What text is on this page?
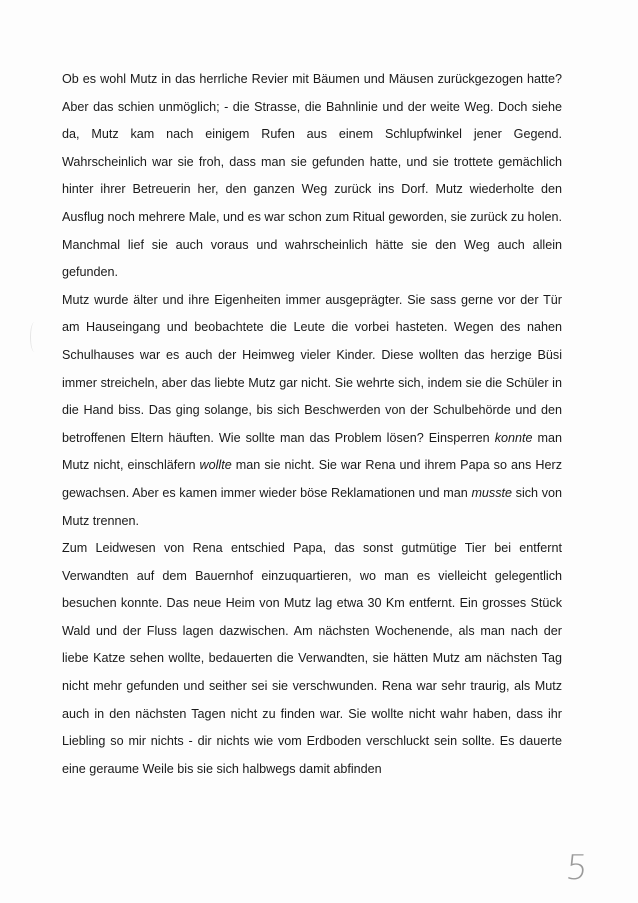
Ob es wohl Mutz in das herrliche Revier mit Bäumen und Mäusen zurückgezogen hatte? Aber das schien unmöglich; - die Strasse, die Bahnlinie und der weite Weg. Doch siehe da, Mutz kam nach einigem Rufen aus einem Schlupfwinkel jener Gegend. Wahrscheinlich war sie froh, dass man sie gefunden hatte, und sie trottete gemächlich hinter ihrer Betreuerin her, den ganzen Weg zurück ins Dorf. Mutz wiederholte den Ausflug noch mehrere Male, und es war schon zum Ritual geworden, sie zurück zu holen. Manchmal lief sie auch voraus und wahrscheinlich hätte sie den Weg auch allein gefunden.

Mutz wurde älter und ihre Eigenheiten immer ausgeprägter. Sie sass gerne vor der Tür am Hauseingang und beobachtete die Leute die vorbei hasteten. Wegen des nahen Schulhauses war es auch der Heimweg vieler Kinder. Diese wollten das herzige Büsi immer streicheln, aber das liebte Mutz gar nicht. Sie wehrte sich, indem sie die Schüler in die Hand biss. Das ging solange, bis sich Beschwerden von der Schulbehörde und den betroffenen Eltern häuften. Wie sollte man das Problem lösen? Einsperren konnte man Mutz nicht, einschläfern wollte man sie nicht. Sie war Rena und ihrem Papa so ans Herz gewachsen. Aber es kamen immer wieder böse Reklamationen und man musste sich von Mutz trennen.

Zum Leidwesen von Rena entschied Papa, das sonst gutmütige Tier bei entfernt Verwandten auf dem Bauernhof einzuquartieren, wo man es vielleicht gelegentlich besuchen konnte. Das neue Heim von Mutz lag etwa 30 Km entfernt. Ein grosses Stück Wald und der Fluss lagen dazwischen. Am nächsten Wochenende, als man nach der liebe Katze sehen wollte, bedauerten die Verwandten, sie hätten Mutz am nächsten Tag nicht mehr gefunden und seither sei sie verschwunden. Rena war sehr traurig, als Mutz auch in den nächsten Tagen nicht zu finden war. Sie wollte nicht wahr haben, dass ihr Liebling so mir nichts - dir nichts wie vom Erdboden verschluckt sein sollte. Es dauerte eine geraume Weile bis sie sich halbwegs damit abfinden

5
